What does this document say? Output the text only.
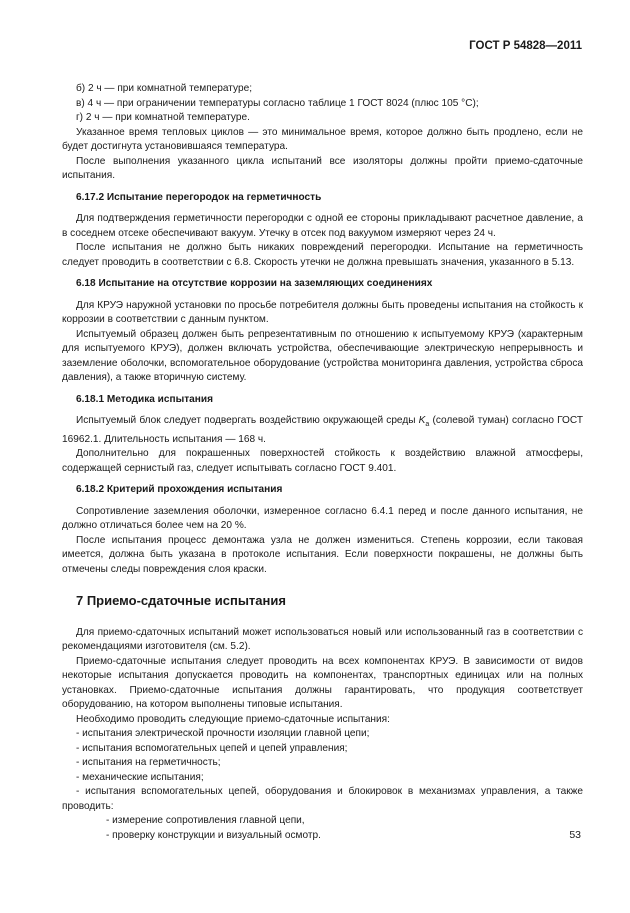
ГОСТ Р 54828—2011

б) 2 ч — при комнатной температуре;

в) 4 ч — при ограничении температуры согласно таблице 1 ГОСТ 8024 (плюс 105 °С);

г) 2 ч — при комнатной температуре.

Указанное время тепловых циклов — это минимальное время, которое должно быть продлено, если не будет достигнута установившаяся температура.

После выполнения указанного цикла испытаний все изоляторы должны пройти приемо-сдаточные испытания.

6.17.2 Испытание перегородок на герметичность

Для подтверждения герметичности перегородки с одной ее стороны прикладывают расчетное давление, а в соседнем отсеке обеспечивают вакуум. Утечку в отсек под вакуумом измеряют через 24 ч.

После испытания не должно быть никаких повреждений перегородки. Испытание на герметичность следует проводить в соответствии с 6.8. Скорость утечки не должна превышать значения, указанного в 5.13.

6.18 Испытание на отсутствие коррозии на заземляющих соединениях

Для КРУЭ наружной установки по просьбе потребителя должны быть проведены испытания на стойкость к коррозии в соответствии с данным пунктом.

Испытуемый образец должен быть репрезентативным по отношению к испытуемому КРУЭ (характерным для испытуемого КРУЭ), должен включать устройства, обеспечивающие электрическую непрерывность и заземление оболочки, вспомогательное оборудование (устройства мониторинга давления, устройства сброса давления), а также вторичную систему.

6.18.1 Методика испытания

Испытуемый блок следует подвергать воздействию окружающей среды $K_a$ (солевой туман) согласно ГОСТ 16962.1. Длительность испытания — 168 ч.

Дополнительно для покрашенных поверхностей стойкость к воздействию влажной атмосферы, содержащей сернистый газ, следует испытывать согласно ГОСТ 9.401.

6.18.2 Критерий прохождения испытания

Сопротивление заземления оболочки, измеренное согласно 6.4.1 перед и после данного испытания, не должно отличаться более чем на 20 %.

После испытания процесс демонтажа узла не должен измениться. Степень коррозии, если таковая имеется, должна быть указана в протоколе испытания. Если поверхности покрашены, не должны быть отмечены следы повреждения слоя краски.

7 Приемо-сдаточные испытания

Для приемо-сдаточных испытаний может использоваться новый или использованный газ в соответствии с рекомендациями изготовителя (см. 5.2).

Приемо-сдаточные испытания следует проводить на всех компонентах КРУЭ. В зависимости от видов некоторые испытания допускается проводить на компонентах, транспортных единицах или на полных установках. Приемо-сдаточные испытания должны гарантировать, что продукция соответствует оборудованию, на котором выполнены типовые испытания.

Необходимо проводить следующие приемо-сдаточные испытания:

- испытания электрической прочности изоляции главной цепи;

- испытания вспомогательных цепей и цепей управления;

- испытания на герметичность;

- механические испытания;

- испытания вспомогательных цепей, оборудования и блокировок в механизмах управления, а также проводить:

- измерение сопротивления главной цепи,

- проверку конструкции и визуальный осмотр.	53
